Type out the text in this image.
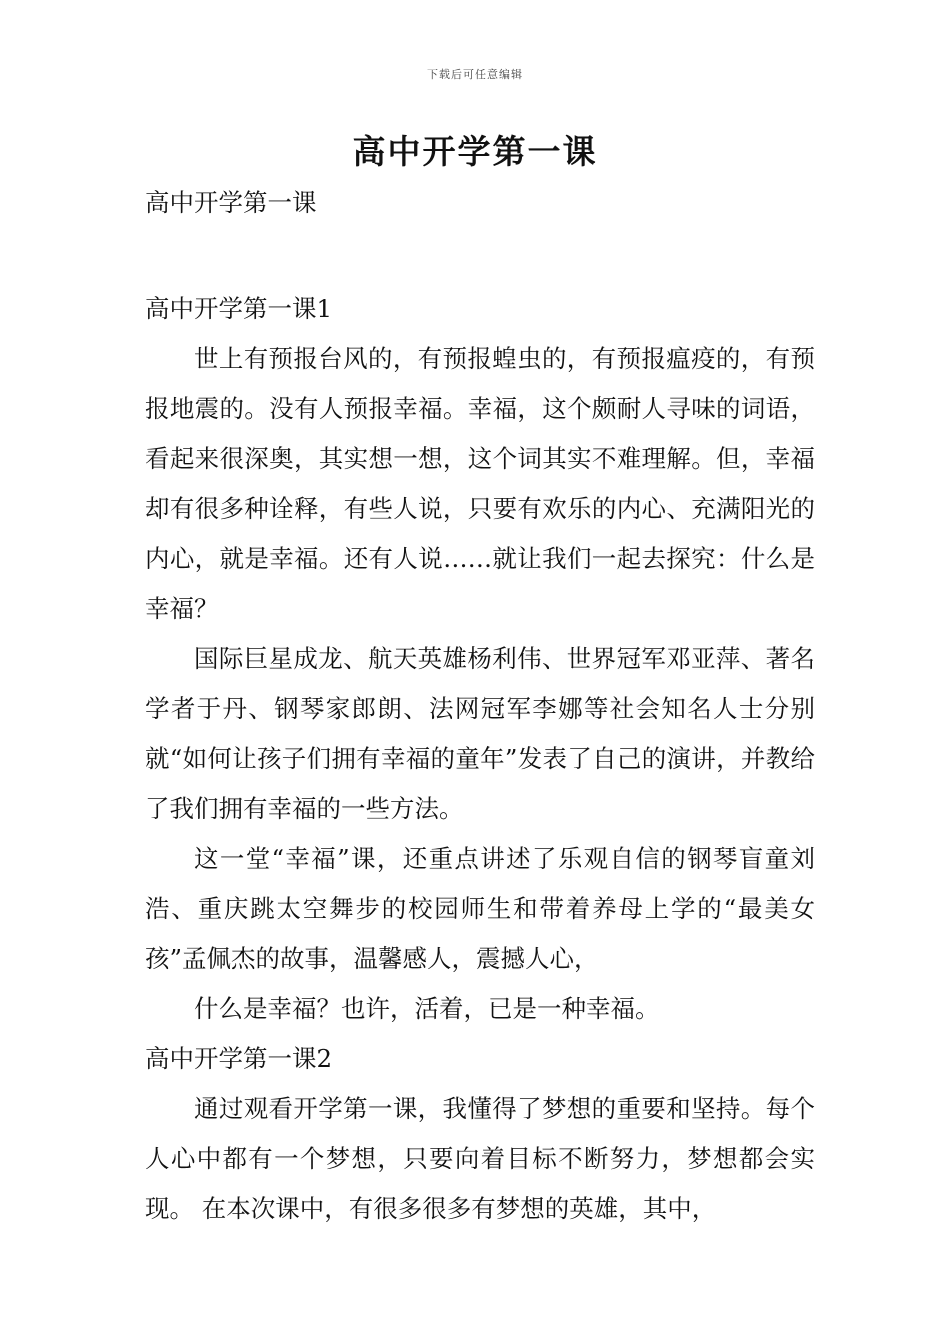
下载后可任意编辑
高中开学第一课

高中开学第一课

高中开学第一课1

世上有预报台风的，有预报蝗虫的，有预报瘟疫的，有预报地震的。没有人预报幸福。幸福，这个颇耐人寻味的词语，看起来很深奥，其实想一想，这个词其实不难理解。但，幸福却有很多种诠释，有些人说，只要有欢乐的内心、充满阳光的内心，就是幸福。还有人说……就让我们一起去探究：什么是幸福？

国际巨星成龙、航天英雄杨利伟、世界冠军邓亚萍、著名学者于丹、钢琴家郎朗、法网冠军李娜等社会知名人士分别就“如何让孩子们拥有幸福的童年”发表了自己的演讲，并教给了我们拥有幸福的一些方法。

这一堂“幸福”课，还重点讲述了乐观自信的钢琴盲童刘浩、重庆跳太空舞步的校园师生和带着养母上学的“最美女孩”孟佩杰的故事，温馨感人，震撼人心，

什么是幸福？也许，活着，已是一种幸福。

高中开学第一课2

通过观看开学第一课，我懂得了梦想的重要和坚持。每个人心中都有一个梦想，只要向着目标不断努力，梦想都会实现。 在本次课中，有很多很多有梦想的英雄，其中，
